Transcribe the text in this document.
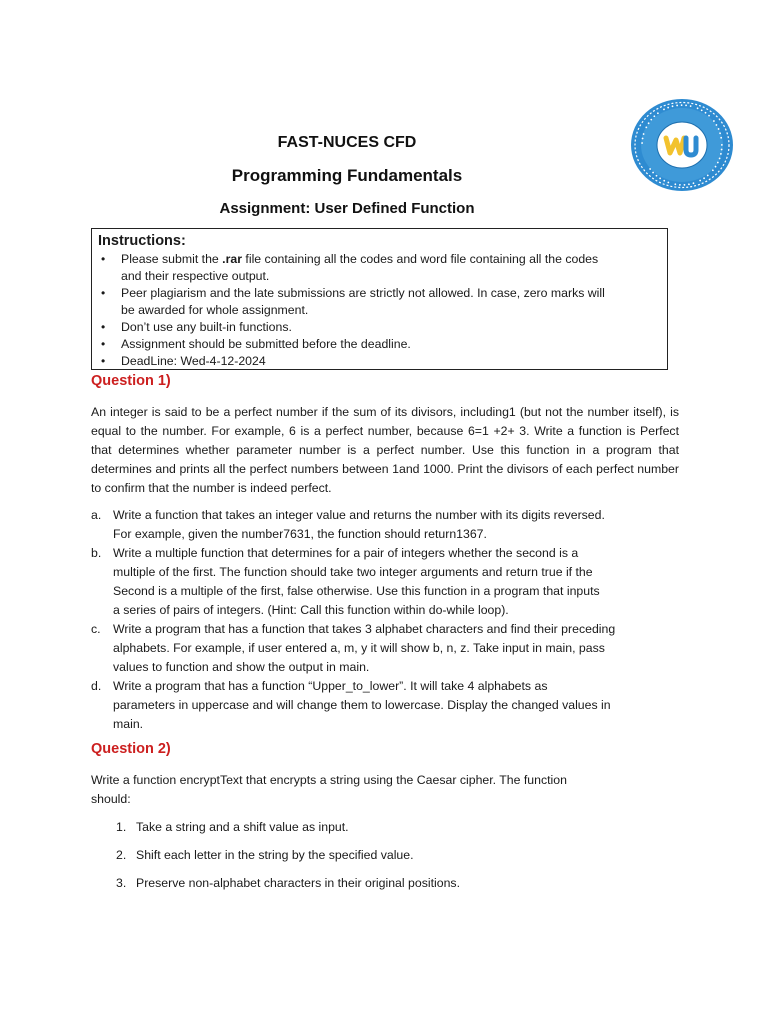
FAST-NUCES CFD
Programming Fundamentals
Assignment: User Defined Function
∙∙∙ ∙∙∙∙∙ ∙∙∙∙∙∙∙ ∙∙∙∙ ∙∙∙∙∙ ∙∙∙∙∙∙∙ ∙∙∙ ∙∙∙∙∙ ∙∙∙∙∙∙
Instructions:
• Please submit the .rar file containing all the codes and word file containing all the codes
and their respective output.
• Peer plagiarism and the late submissions are strictly not allowed. In case, zero marks will
be awarded for whole assignment.
• Don’t use any built-in functions.
• Assignment should be submitted before the deadline.
• DeadLine: Wed-4-12-2024
Question 1)

An integer is said to be a perfect number if the sum of its divisors, including1 (but not the number itself), is equal to the number. For example, 6 is a perfect number, because 6=1 +2+ 3. Write a function is Perfect that determines whether parameter number is a perfect number. Use this function in a program that determines and prints all the perfect numbers between 1and 1000. Print the divisors of each perfect number to confirm that the number is indeed perfect.

a. Write a function that takes an integer value and returns the number with its digits reversed.
For example, given the number7631, the function should return1367.
b. Write a multiple function that determines for a pair of integers whether the second is a
multiple of the first. The function should take two integer arguments and return true if the
Second is a multiple of the first, false otherwise. Use this function in a program that inputs
a series of pairs of integers. (Hint: Call this function within do-while loop).
c. Write a program that has a function that takes 3 alphabet characters and find their preceding
alphabets. For example, if user entered a, m, y it will show b, n, z. Take input in main, pass
values to function and show the output in main.
d. Write a program that has a function “Upper_to_lower”. It will take 4 alphabets as
parameters in uppercase and will change them to lowercase. Display the changed values in
main.
Question 2)

Write a function encryptText that encrypts a string using the Caesar cipher. The function
should:

1. Take a string and a shift value as input.
2. Shift each letter in the string by the specified value.
3. Preserve non-alphabet characters in their original positions.
